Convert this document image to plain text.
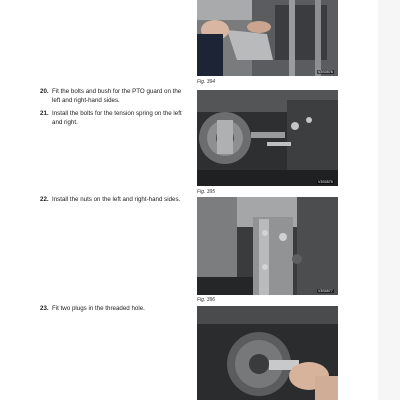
Fig. 394
V3S0576
Fig. 395
V3S0575
Fig. 396
V3S0577
20. Fit the bolts and bush for the PTO guard on the left and right-hand sides.
21. Install the bolts for the tension spring on the left and right.
22. Install the nuts on the left and right-hand sides.
23. Fit two plugs in the threaded hole.
